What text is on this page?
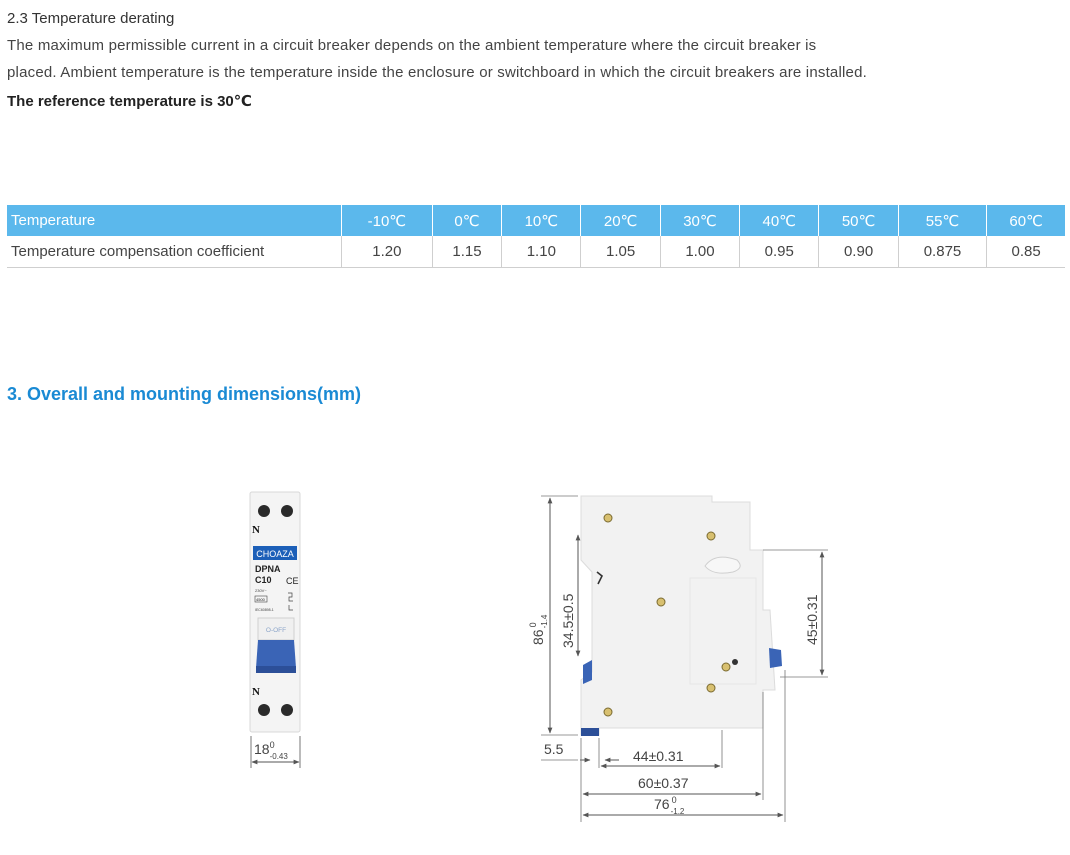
2.3 Temperature derating
The maximum permissible current in a circuit breaker depends on the ambient temperature where the circuit breaker is
placed. Ambient temperature is the temperature inside the enclosure or switchboard in which the circuit breakers are installed.
The reference temperature is 30℃
Temperature	-10℃	0℃	10℃	20℃	30℃	40℃	50℃	55℃	60℃
Temperature compensation coefficient	1.20	1.15	1.10	1.05	1.00	0.95	0.90	0.875	0.85
3. Overall and mounting dimensions(mm)
N
CHOAZA
DPNA
C10 CE
230V~
4500
IEC60898-1
O-OFF
N
$18^0$ -0.43
$86^0$ -1.4 34.5±0.5	45±0.31
5.5	44±0.31
60±0.37
76 $^0$ -1.2
